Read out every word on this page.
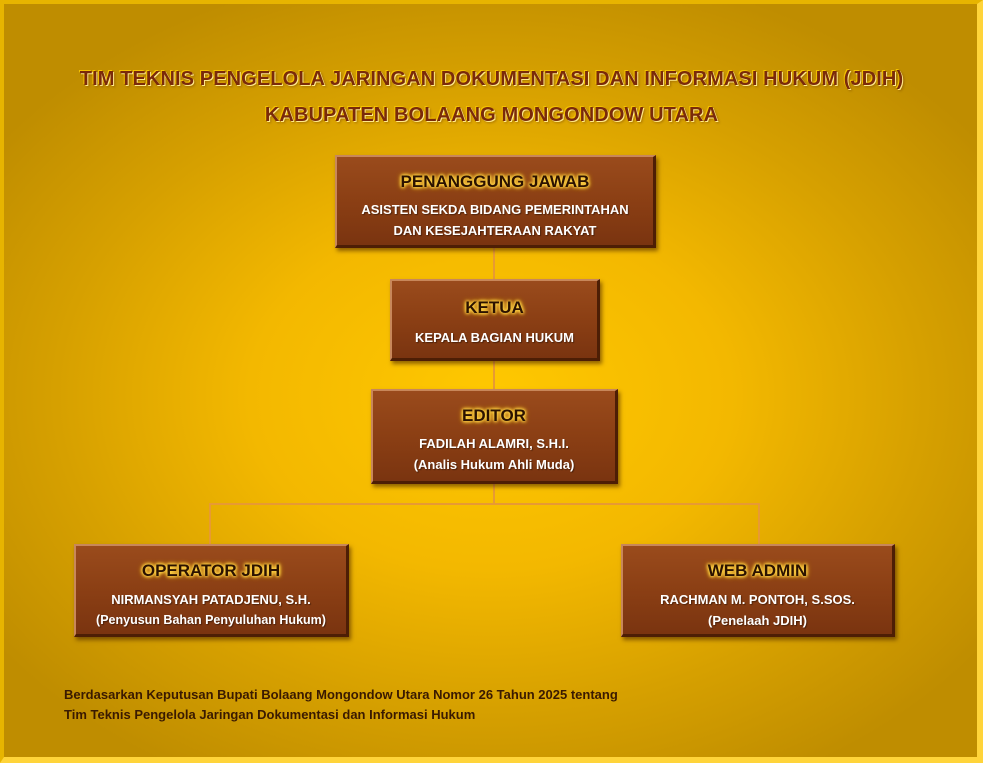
TIM TEKNIS PENGELOLA JARINGAN DOKUMENTASI DAN INFORMASI HUKUM (JDIH)
KABUPATEN BOLAANG MONGONDOW UTARA
PENANGGUNG JAWAB
ASISTEN SEKDA BIDANG PEMERINTAHAN
DAN KESEJAHTERAAN RAKYAT
KETUA
KEPALA BAGIAN HUKUM
EDITOR
FADILAH ALAMRI, S.H.I.
(Analis Hukum Ahli Muda)
OPERATOR JDIH
NIRMANSYAH PATADJENU, S.H.
(Penyusun Bahan Penyuluhan Hukum)
WEB ADMIN
RACHMAN M. PONTOH, S.SOS.
(Penelaah JDIH)
Berdasarkan Keputusan Bupati Bolaang Mongondow Utara Nomor 26 Tahun 2025 tentang
Tim Teknis Pengelola Jaringan Dokumentasi dan Informasi Hukum
